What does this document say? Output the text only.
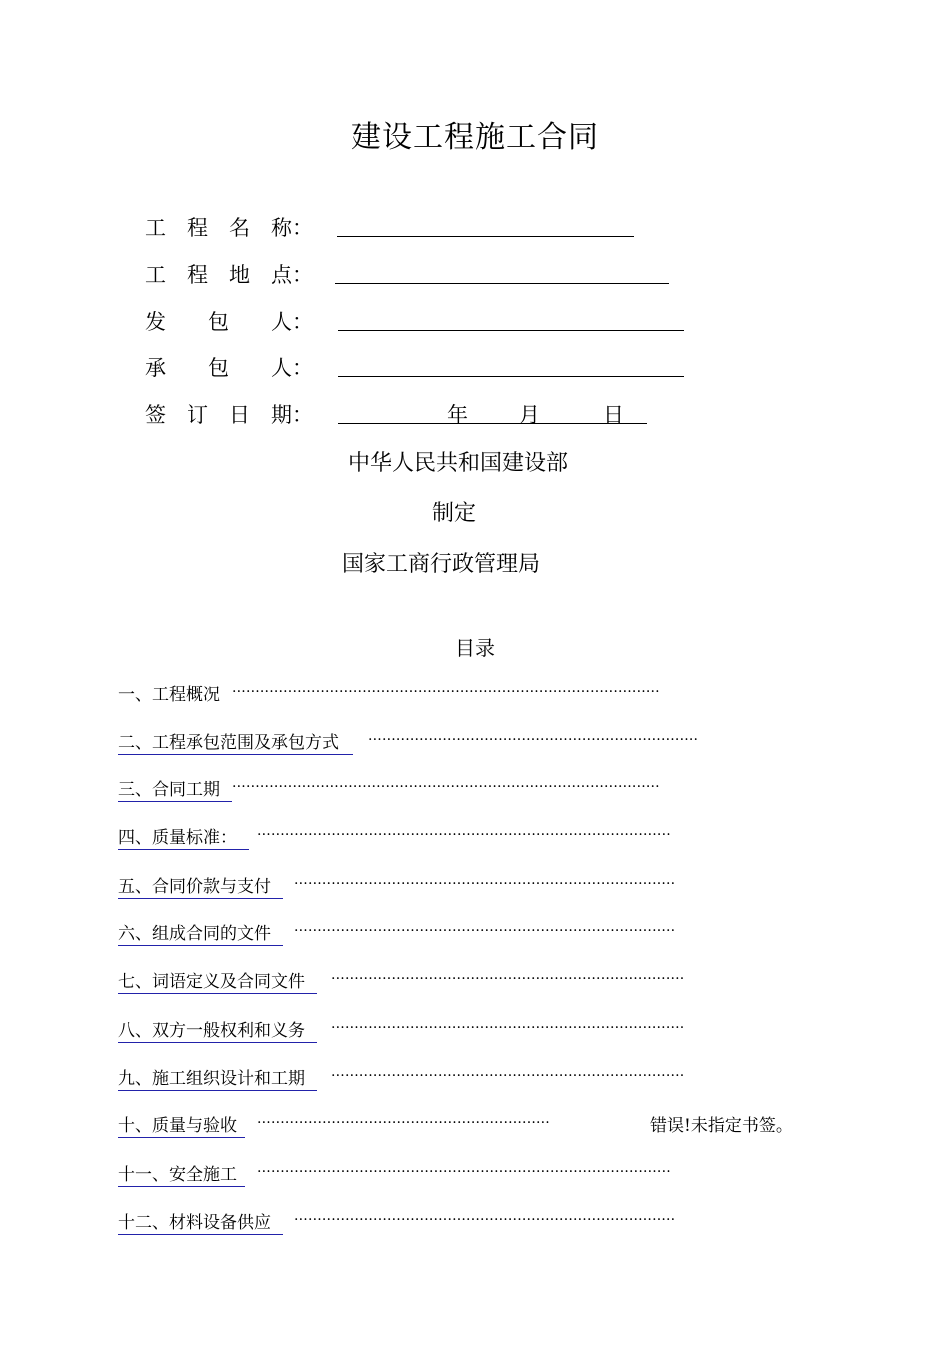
建设工程施工合同
工　程　名　称：
工　程　地　点：
发　　包　　人：
承　　包　　人：
签　订　日　期：	年 月	日
中华人民共和国建设部
制定
国家工商行政管理局
目录
一、工程概况 ............................................................................................
二、工程承包范围及承包方式	.......................................................................
三、合同工期 ............................................................................................
四、质量标准：	.........................................................................................
五、合同价款与支付	..................................................................................
六、组成合同的文件	..................................................................................
七、词语定义及合同文件	............................................................................
八、双方一般权利和义务	............................................................................
九、施工组织设计和工期	............................................................................
十、质量与验收	...............................................................	错误!未指定书签。
十一、安全施工	.........................................................................................
十二、材料设备供应	..................................................................................
